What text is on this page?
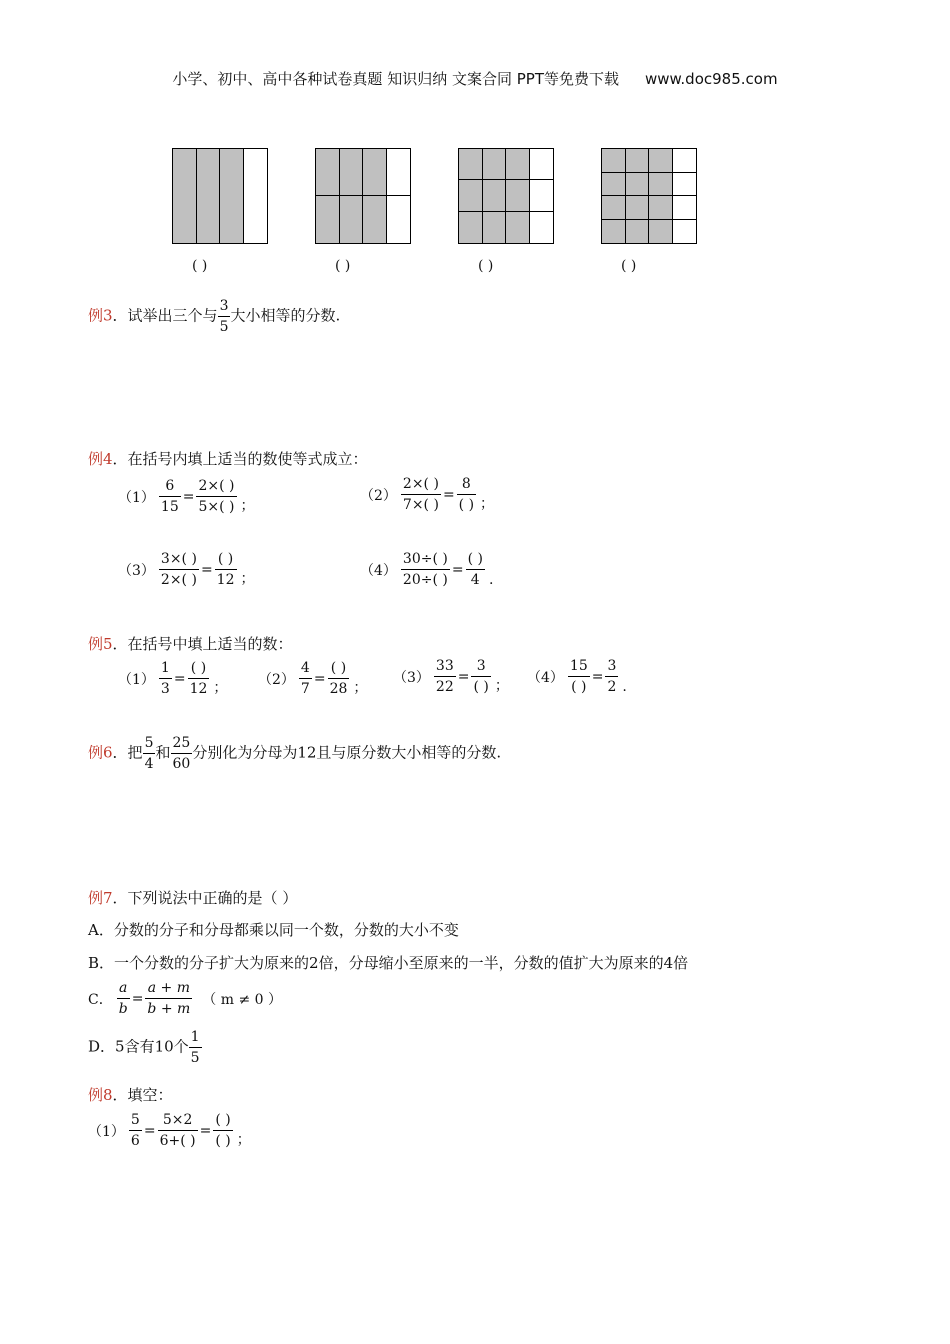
小学、初中、高中各种试卷真题 知识归纳 文案合同 PPT等免费下载 www.doc985.com
( )	( )	( )	( )
例3．试举出三个与 $\frac{3}{5}$ 大小相等的分数.
例4．在括号内填上适当的数使等式成立：
$(1) \frac{6}{15} = \frac{2\times( )}{5\times( )}$ ；
$(2) \frac{2\times( )}{7\times( )} = \frac{8}{( )}$ ；
$(3) \frac{3\times( )}{2\times( )} = \frac{( )}{12}$ ；
$(4) \frac{30\div( )}{20\div( )} = \frac{( )}{4}$ .
例5．在括号中填上适当的数：
$(1) \frac{1}{3} = \frac{( )}{12}$ ；
$(2) \frac{4}{7} = \frac{( )}{28}$ ；
$(3) \frac{33}{22} = \frac{3}{( )}$ ；
$(4) \frac{15}{( )} = \frac{3}{2}$ .
例6．把 $\frac{5}{4}$ 和 $\frac{25}{60}$ 分别化为分母为12且与原分数大小相等的分数.
例7．下列说法中正确的是（ ）
A．分数的分子和分母都乘以同一个数，分数的大小不变
B．一个分数的分子扩大为原来的2倍，分母缩小至原来的一半，分数的值扩大为原来的4倍
C． $\frac{a}{b} = \frac{a + m}{b + m}$ （ m ≠ 0 ）
D．5含有10个 $\frac{1}{5}$
例8．填空：
$(1) \frac{5}{6} = \frac{5\times 2}{6+( )} = \frac{( )}{( )}$ ；
